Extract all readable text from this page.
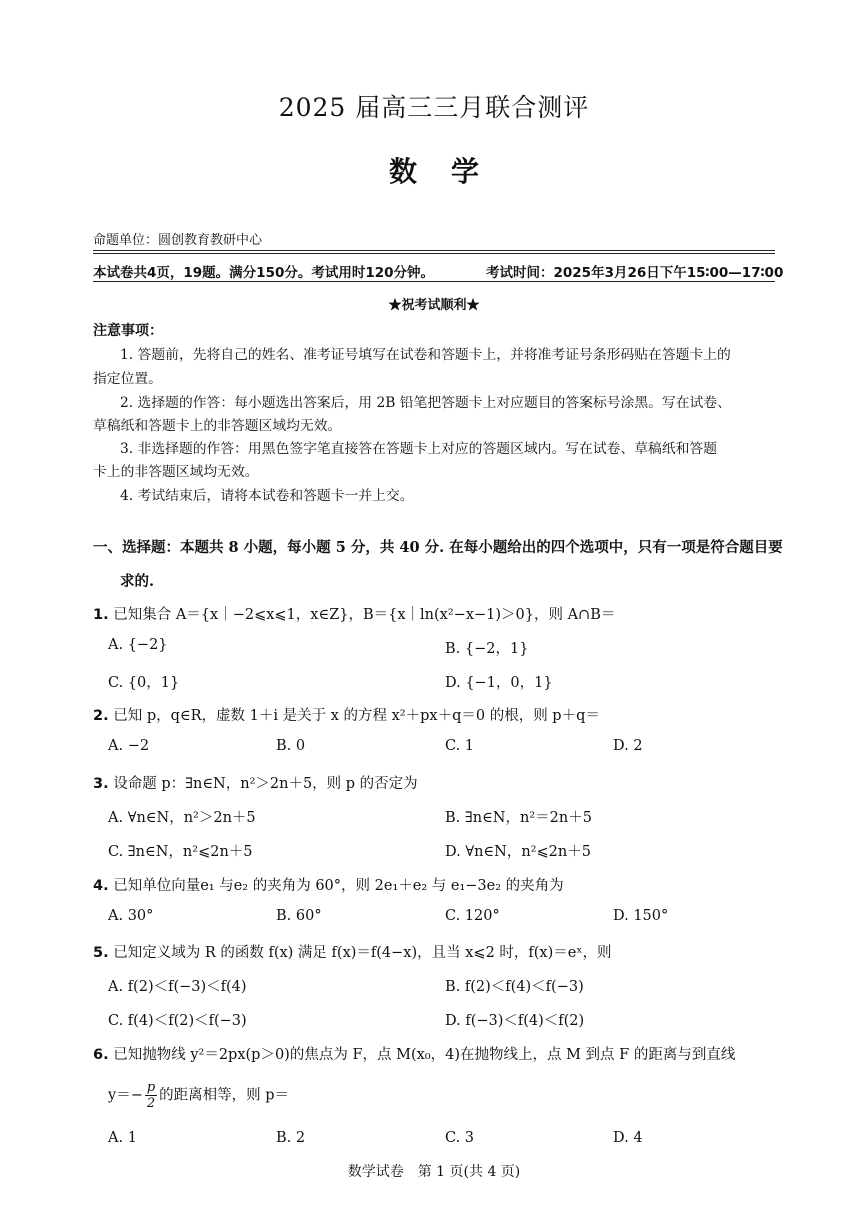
2025 届高三三月联合测评
数学
命题单位：圆创教育教研中心
本试卷共4页，19题。满分150分。考试用时120分钟。	考试时间：2025年3月26日下午15∶00—17∶00
★祝考试顺利★
注意事项：
1. 答题前，先将自己的姓名、准考证号填写在试卷和答题卡上，并将准考证号条形码贴在答题卡上的
指定位置。
2. 选择题的作答：每小题选出答案后，用 2B 铅笔把答题卡上对应题目的答案标号涂黑。写在试卷、
草稿纸和答题卡上的非答题区域均无效。
3. 非选择题的作答：用黑色签字笔直接答在答题卡上对应的答题区域内。写在试卷、草稿纸和答题
卡上的非答题区域均无效。
4. 考试结束后，请将本试卷和答题卡一并上交。
一、选择题：本题共 8 小题，每小题 5 分，共 40 分. 在每小题给出的四个选项中，只有一项是符合题目要
求的.
1. 已知集合 A＝{x｜−2⩽x⩽1，x∈Z}，B＝{x｜ln(x²−x−1)＞0}，则 A∩B＝
A. {−2}	B. {−2，1}
C. {0，1}	D. {−1，0，1}
2. 已知 p，q∈R，虚数 1＋i 是关于 x 的方程 x²＋px＋q＝0 的根，则 p＋q＝
A. −2	B. 0	C. 1	D. 2
3. 设命题 p：∃n∈N，n²＞2n＋5，则 p 的否定为
A. ∀n∈N，n²＞2n＋5	B. ∃n∈N，n²＝2n＋5
C. ∃n∈N，n²⩽2n＋5	D. ∀n∈N，n²⩽2n＋5
4. 已知单位向量e₁ 与e₂ 的夹角为 60°，则 2e₁＋e₂ 与 e₁−3e₂ 的夹角为
A. 30°	B. 60°	C. 120°	D. 150°
5. 已知定义域为 R 的函数 f(x) 满足 f(x)＝f(4−x)，且当 x⩽2 时，f(x)＝eˣ，则
A. f(2)＜f(−3)＜f(4)	B. f(2)＜f(4)＜f(−3)
C. f(4)＜f(2)＜f(−3)	D. f(−3)＜f(4)＜f(2)
6. 已知抛物线 y²＝2px(p＞0)的焦点为 F，点 M(x₀，4)在抛物线上，点 M 到点 F 的距离与到直线
$y=- \frac{p}{2}$ 的距离相等，则 p＝
A. 1	B. 2	C. 3	D. 4
数学试卷　第 1 页(共 4 页)
